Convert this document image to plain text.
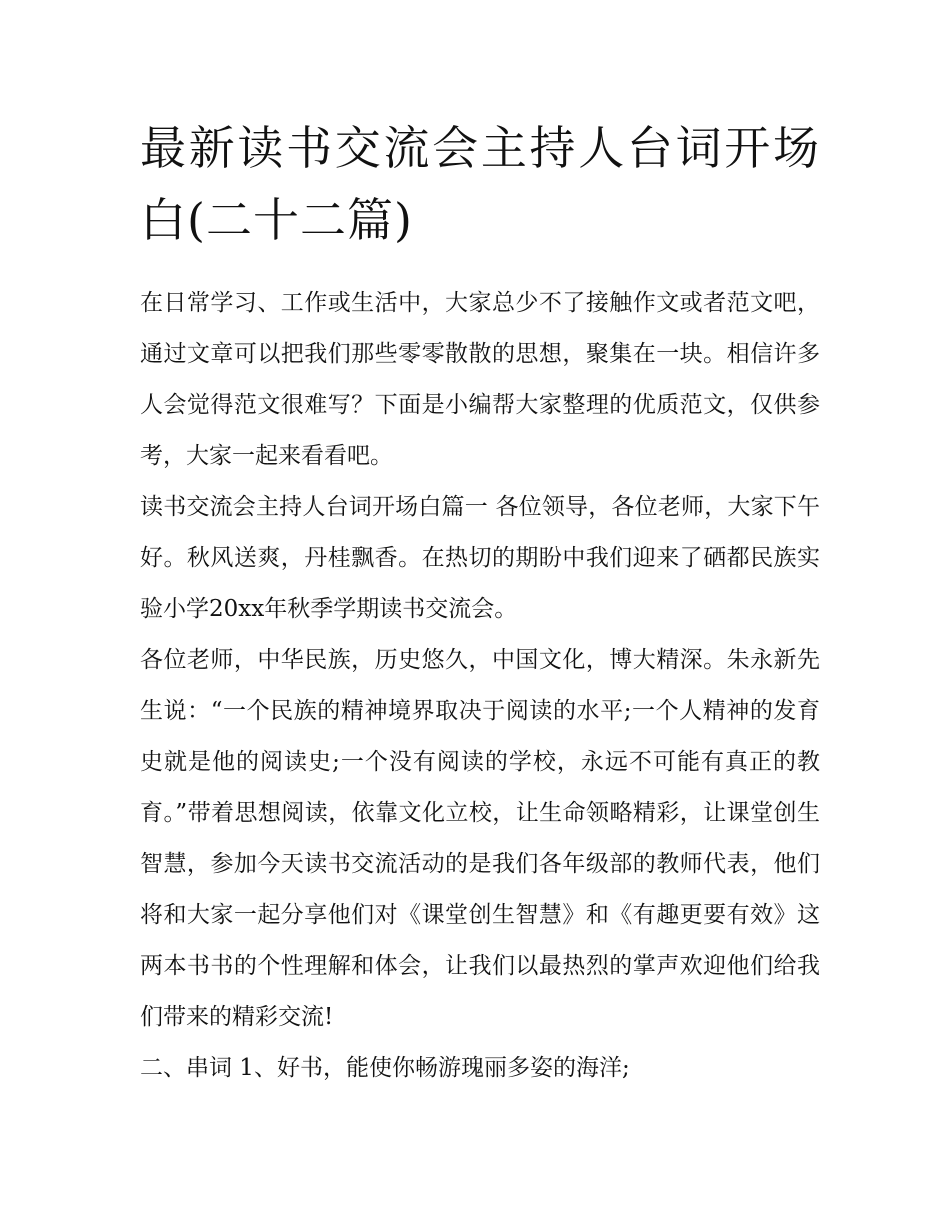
最新读书交流会主持人台词开场白(二十二篇)

在日常学习、工作或生活中，大家总少不了接触作文或者范文吧，通过文章可以把我们那些零零散散的思想，聚集在一块。相信许多人会觉得范文很难写？下面是小编帮大家整理的优质范文，仅供参考，大家一起来看看吧。

读书交流会主持人台词开场白篇一 各位领导，各位老师，大家下午好。秋风送爽，丹桂飘香。在热切的期盼中我们迎来了硒都民族实验小学20xx年秋季学期读书交流会。

各位老师，中华民族，历史悠久，中国文化，博大精深。朱永新先生说：“一个民族的精神境界取决于阅读的水平;一个人精神的发育史就是他的阅读史;一个没有阅读的学校，永远不可能有真正的教育。”带着思想阅读，依靠文化立校，让生命领略精彩，让课堂创生智慧，参加今天读书交流活动的是我们各年级部的教师代表，他们将和大家一起分享他们对《课堂创生智慧》和《有趣更要有效》这两本书书的个性理解和体会，让我们以最热烈的掌声欢迎他们给我们带来的精彩交流!

二、串词 1、好书，能使你畅游瑰丽多姿的海洋;
